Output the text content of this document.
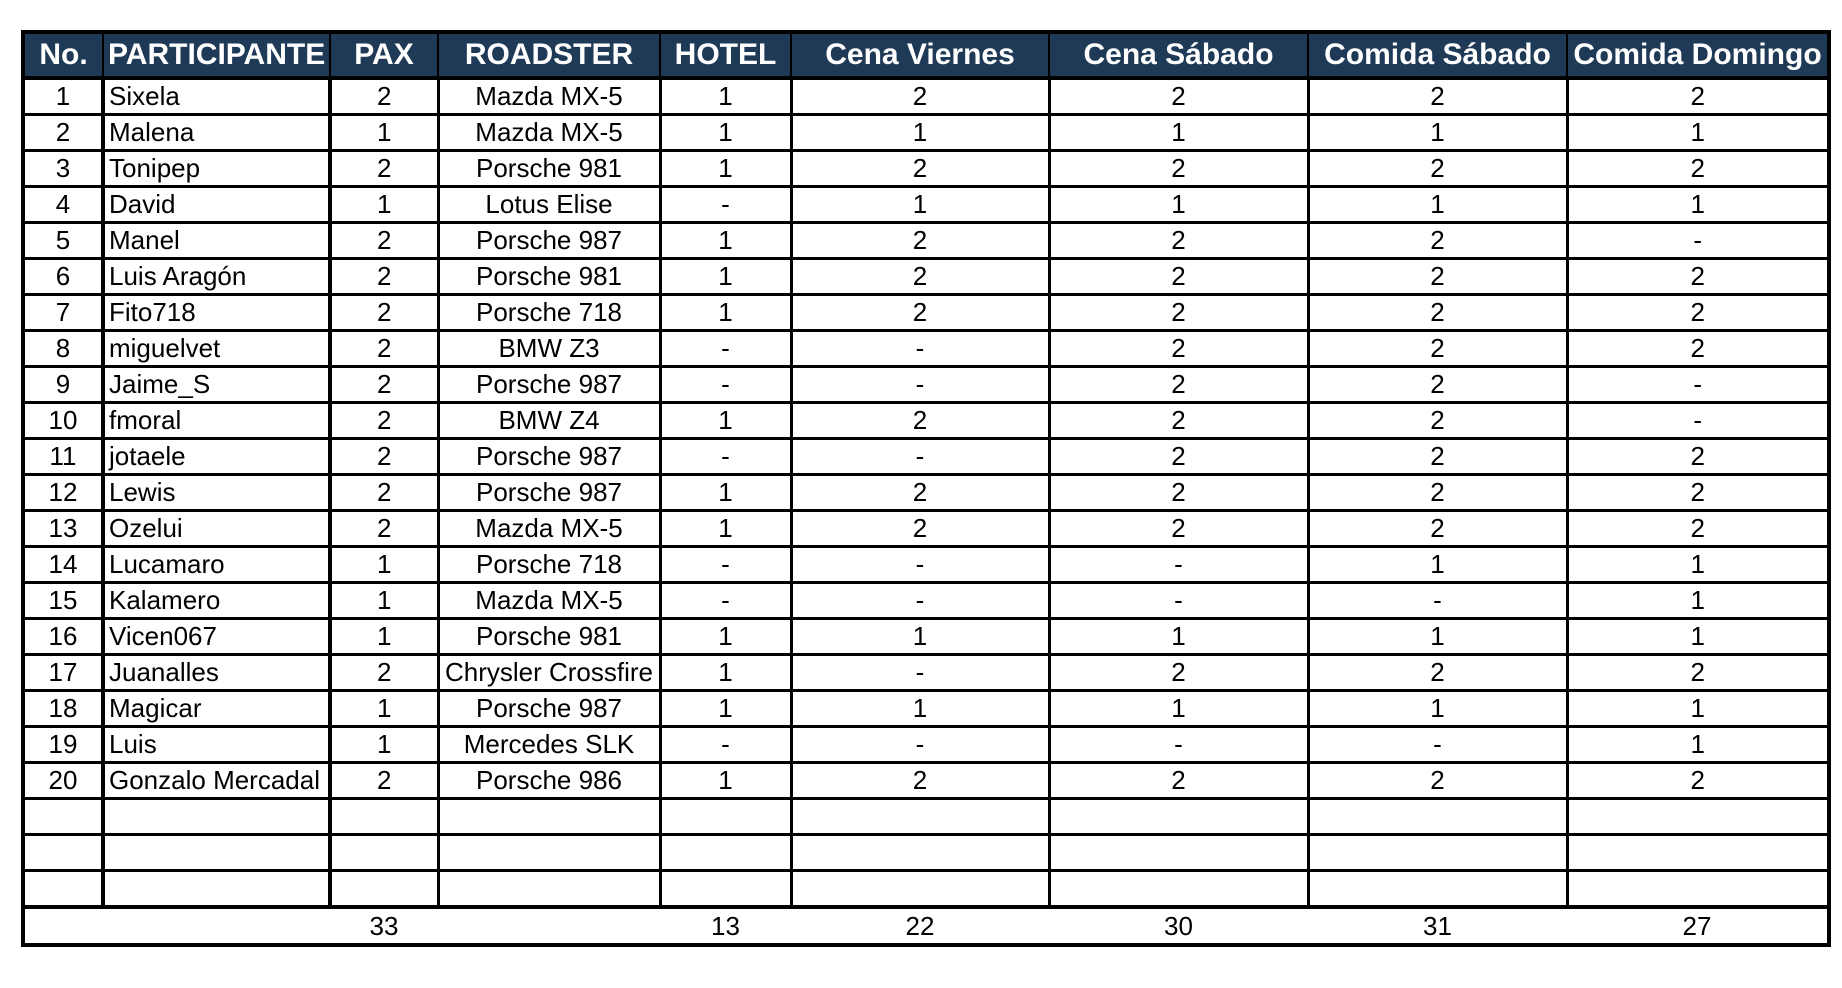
No.	PARTICIPANTE	PAX	ROADSTER	HOTEL	Cena Viernes	Cena Sábado	Comida Sábado	Comida Domingo
1	Sixela	2	Mazda MX-5	1	2	2	2	2
2	Malena	1	Mazda MX-5	1	1	1	1	1
3	Tonipep	2	Porsche 981	1	2	2	2	2
4	David	1	Lotus Elise	-	1	1	1	1
5	Manel	2	Porsche 987	1	2	2	2	-
6	Luis Aragón	2	Porsche 981	1	2	2	2	2
7	Fito718	2	Porsche 718	1	2	2	2	2
8	miguelvet	2	BMW Z3	-	-	2	2	2
9	Jaime_S	2	Porsche 987	-	-	2	2	-
10	fmoral	2	BMW Z4	1	2	2	2	-
11	jotaele	2	Porsche 987	-	-	2	2	2
12	Lewis	2	Porsche 987	1	2	2	2	2
13	Ozelui	2	Mazda MX-5	1	2	2	2	2
14	Lucamaro	1	Porsche 718	-	-	-	1	1
15	Kalamero	1	Mazda MX-5	-	-	-	-	1
16	Vicen067	1	Porsche 981	1	1	1	1	1
17	Juanalles	2	Chrysler Crossfire	1	-	2	2	2
18	Magicar	1	Porsche 987	1	1	1	1	1
19	Luis	1	Mercedes SLK	-	-	-	-	1
20	Gonzalo Mercadal	2	Porsche 986	1	2	2	2	2

		33		13	22	30	31	27
